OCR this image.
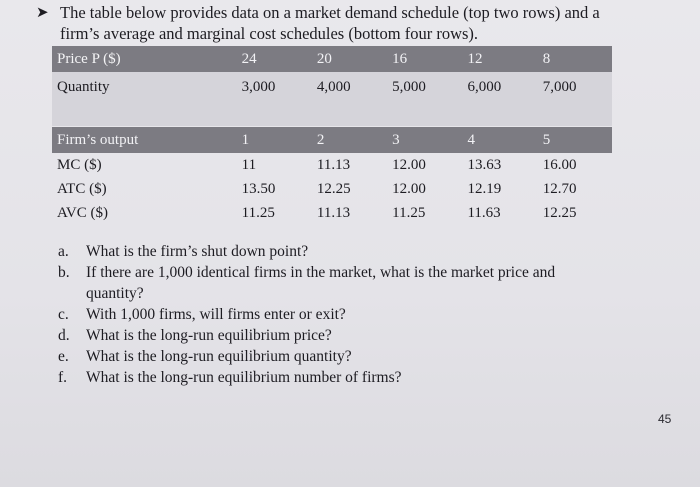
➤ The table below provides data on a market demand schedule (top two rows) and a
firm’s average and marginal cost schedules (bottom four rows).
Price P ($)	24	20	16	12	8
Quantity	3,000	4,000	5,000	6,000	7,000

Firm’s output	1	2	3	4	5
MC ($)	11	11.13	12.00	13.63	16.00
ATC ($)	13.50	12.25	12.00	12.19	12.70
AVC ($)	11.25	11.13	11.25	11.63	12.25
a.	What is the firm’s shut down point?
b.	If there are 1,000 identical firms in the market, what is the market price and
quantity?
c.	With 1,000 firms, will firms enter or exit?
d.	What is the long-run equilibrium price?
e.	What is the long-run equilibrium quantity?
f.	What is the long-run equilibrium number of firms?
45
